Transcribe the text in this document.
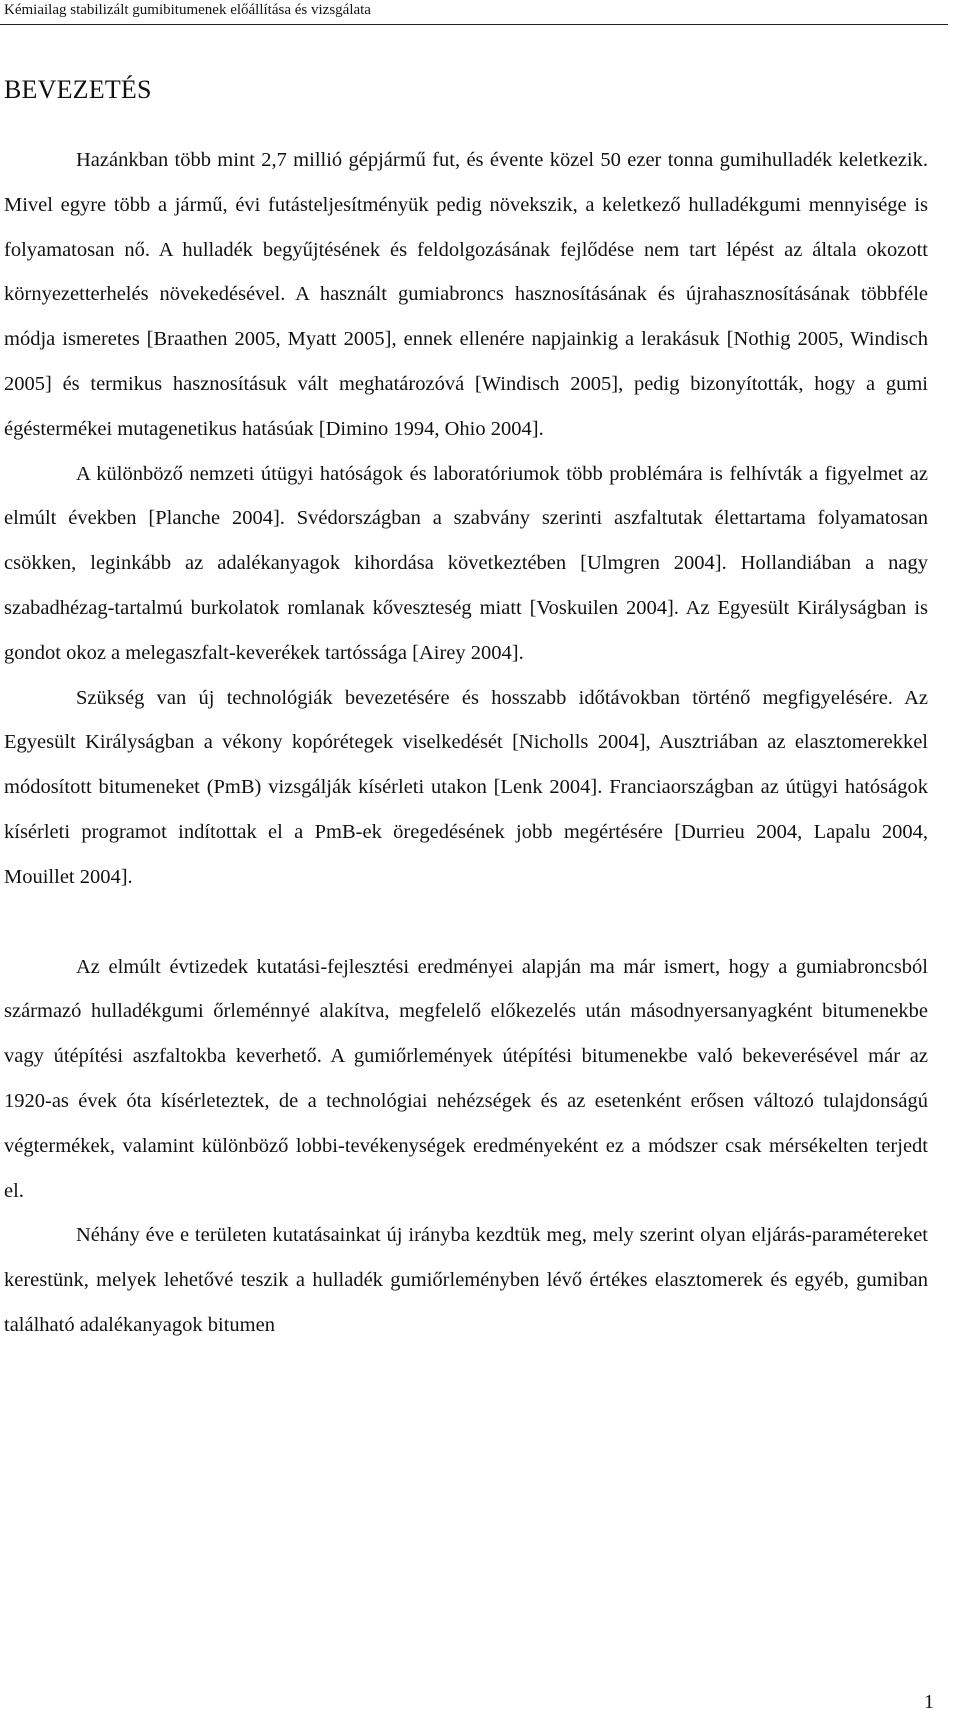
Kémiailag stabilizált gumibitumenek előállítása és vizsgálata
BEVEZETÉS

Hazánkban több mint 2,7 millió gépjármű fut, és évente közel 50 ezer tonna gumihulladék keletkezik. Mivel egyre több a jármű, évi futásteljesítményük pedig növekszik, a keletkező hulladékgumi mennyisége is folyamatosan nő. A hulladék begyűjtésének és feldolgozásának fejlődése nem tart lépést az általa okozott környezetterhelés növekedésével. A használt gumiabroncs hasznosításának és újrahasznosításának többféle módja ismeretes [Braathen 2005, Myatt 2005], ennek ellenére napjainkig a lerakásuk [Nothig 2005, Windisch 2005] és termikus hasznosításuk vált meghatározóvá [Windisch 2005], pedig bizonyították, hogy a gumi égéstermékei mutagenetikus hatásúak [Dimino 1994, Ohio 2004].

A különböző nemzeti útügyi hatóságok és laboratóriumok több problémára is felhívták a figyelmet az elmúlt években [Planche 2004]. Svédországban a szabvány szerinti aszfaltutak élettartama folyamatosan csökken, leginkább az adalékanyagok kihordása következtében [Ulmgren 2004]. Hollandiában a nagy szabadhézag-tartalmú burkolatok romlanak kőveszteség miatt [Voskuilen 2004]. Az Egyesült Királyságban is gondot okoz a melegaszfalt-keverékek tartóssága [Airey 2004].

Szükség van új technológiák bevezetésére és hosszabb időtávokban történő megfigyelésére. Az Egyesült Királyságban a vékony kopórétegek viselkedését [Nicholls 2004], Ausztriában az elasztomerekkel módosított bitumeneket (PmB) vizsgálják kísérleti utakon [Lenk 2004]. Franciaországban az útügyi hatóságok kísérleti programot indítottak el a PmB-ek öregedésének jobb megértésére [Durrieu 2004, Lapalu 2004, Mouillet 2004].

Az elmúlt évtizedek kutatási-fejlesztési eredményei alapján ma már ismert, hogy a gumiabroncsból származó hulladékgumi őrleménnyé alakítva, megfelelő előkezelés után másodnyersanyagként bitumenekbe vagy útépítési aszfaltokba keverhető. A gumiőrlemények útépítési bitumenekbe való bekeverésével már az 1920-as évek óta kísérleteztek, de a technológiai nehézségek és az esetenként erősen változó tulajdonságú végtermékek, valamint különböző lobbi-tevékenységek eredményeként ez a módszer csak mérsékelten terjedt el.

Néhány éve e területen kutatásainkat új irányba kezdtük meg, mely szerint olyan eljárás-paramétereket kerestünk, melyek lehetővé teszik a hulladék gumiőrleményben lévő értékes elasztomerek és egyéb, gumiban található adalékanyagok bitumen

1
